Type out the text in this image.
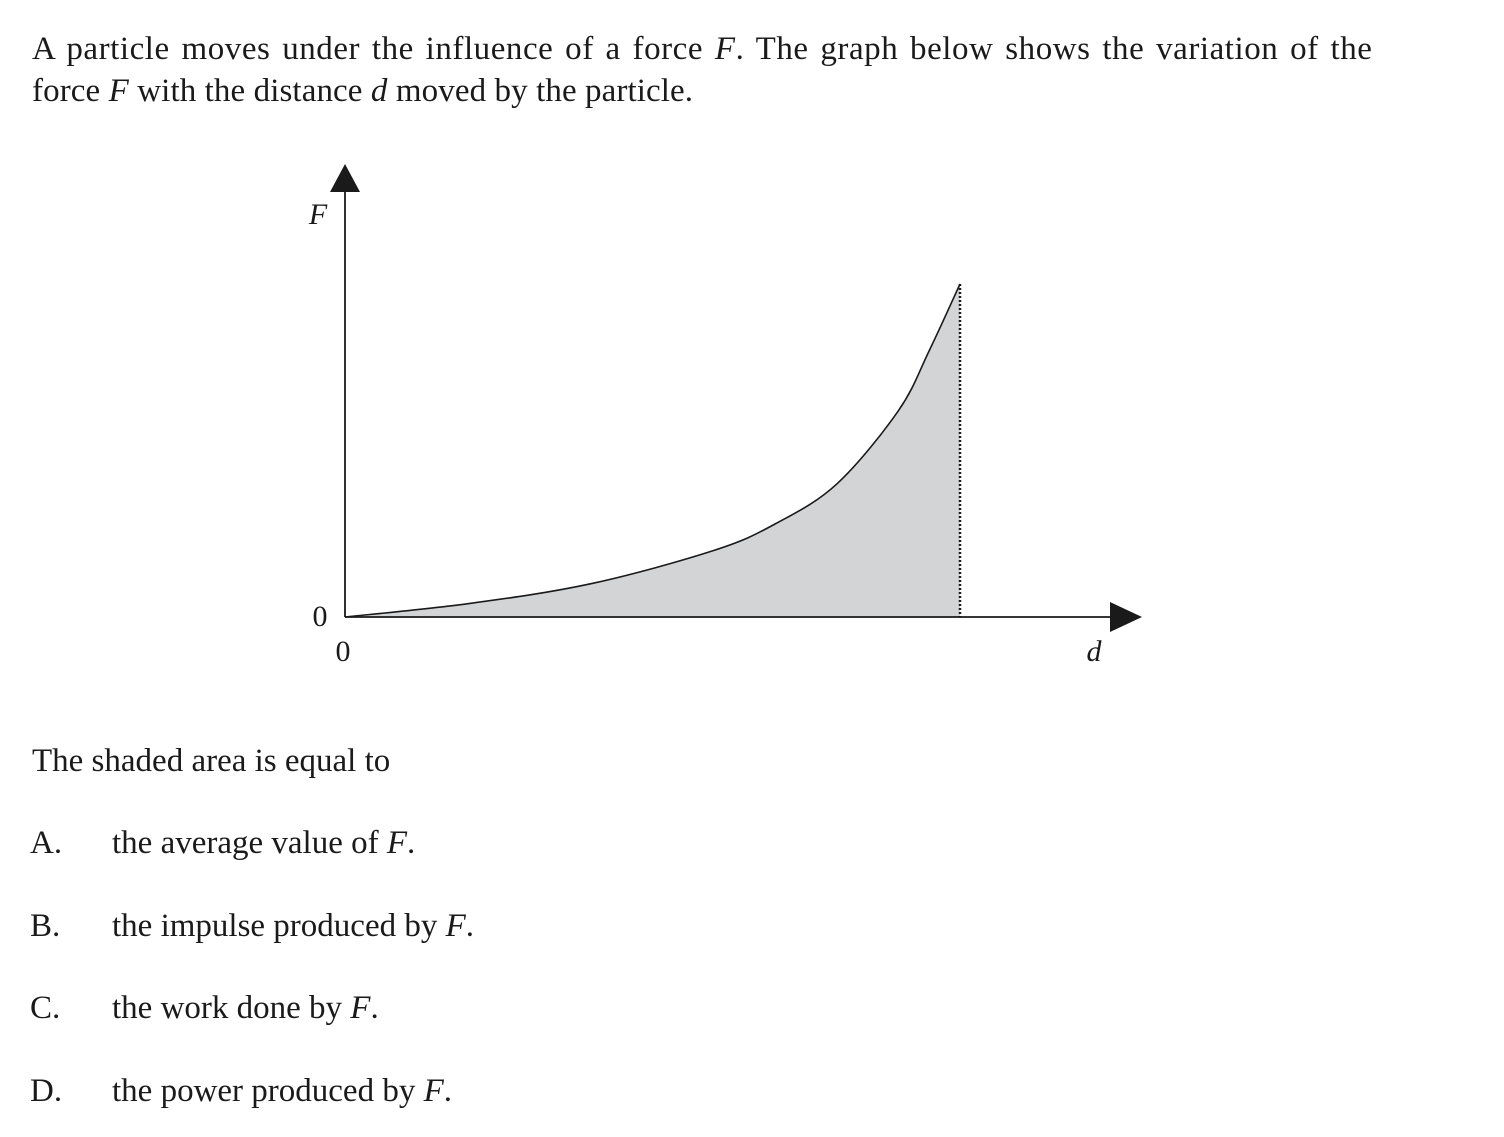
A particle moves under the influence of a force F. The graph below shows the variation of the
force F with the distance d moved by the particle.

F
d
0
0

The shaded area is equal to

A. the average value of F.
B. the impulse produced by F.
C. the work done by F.
D. the power produced by F.
